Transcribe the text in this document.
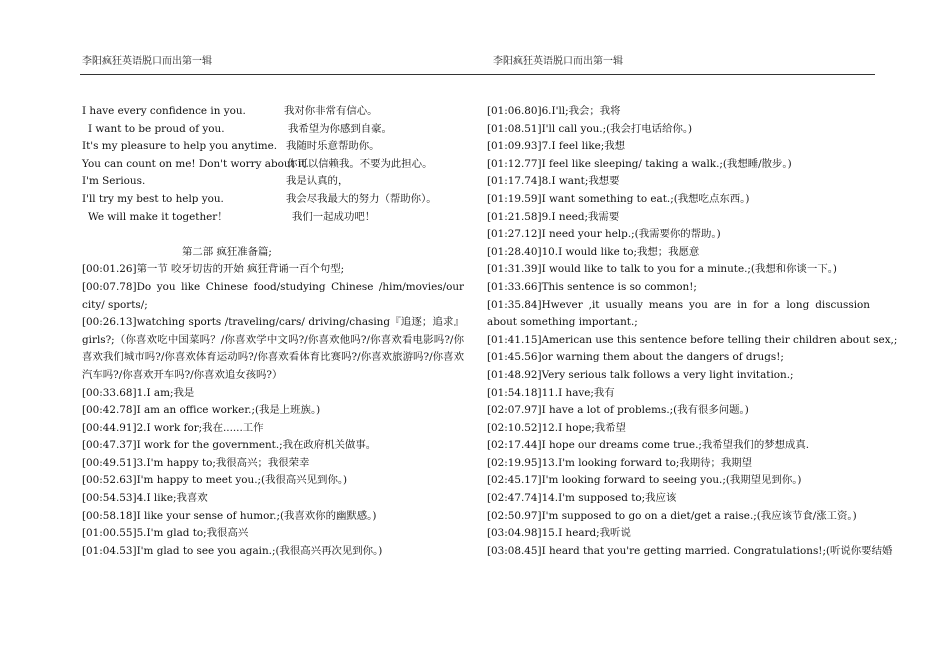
李阳疯狂英语脱口而出第一辑	李阳疯狂英语脱口而出第一辑
I have every confidence in you.	我对你非常有信心。
I want to be proud of you.	我希望为你感到自豪。
It's my pleasure to help you anytime. 我随时乐意帮助你。
You can count on me! Don't worry about it.
你可以信赖我。不要为此担心。
I'm Serious.	我是认真的，
I'll try my best to help you.	我会尽我最大的努力（帮助你）。
We will make it together！	我们一起成功吧！
第二部 疯狂准备篇;
[00:01.26]第一节 咬牙切齿的开始 疯狂背诵一百个句型;
[00:07.78]Do you like Chinese food/studying Chinese /him/movies/our city/ sports/;
[00:26.13]watching sports /traveling/cars/ driving/chasing『追逐；追求』girls?;（你喜欢吃中国菜吗？/你喜欢学中文吗?/你喜欢他吗?/你喜欢看电影吗?/你喜欢我们城市吗?/你喜欢体育运动吗?/你喜欢看体育比赛吗?/你喜欢旅游吗?/你喜欢汽车吗?/你喜欢开车吗?/你喜欢追女孩吗?）
[00:33.68]1.I am;我是
[00:42.78]I am an office worker.;(我是上班族。)
[00:44.91]2.I work for;我在......工作
[00:47.37]I work for the government.;我在政府机关做事。
[00:49.51]3.I'm happy to;我很高兴；我很荣幸
[00:52.63]I'm happy to meet you.;(我很高兴见到你。)
[00:54.53]4.I like;我喜欢
[00:58.18]I like your sense of humor.;(我喜欢你的幽默感。)
[01:00.55]5.I'm glad to;我很高兴
[01:04.53]I'm glad to see you again.;(我很高兴再次见到你。)
[01:06.80]6.I'll;我会；我将
[01:08.51]I'll call you.;(我会打电话给你。)
[01:09.93]7.I feel like;我想
[01:12.77]I feel like sleeping/ taking a walk.;(我想睡/散步。)
[01:17.74]8.I want;我想要
[01:19.59]I want something to eat.;(我想吃点东西。)
[01:21.58]9.I need;我需要
[01:27.12]I need your help.;(我需要你的帮助。)
[01:28.40]10.I would like to;我想；我愿意
[01:31.39]I would like to talk to you for a minute.;(我想和你谈一下。)
[01:33.66]This sentence is so common!;
[01:35.84]Hwever ,it usually means you are in for a long discussion about something important.;
[01:41.15]American use this sentence before telling their children about sex,;
[01:45.56]or warning them about the dangers of drugs!;
[01:48.92]Very serious talk follows a very light invitation.;
[01:54.18]11.I have;我有
[02:07.97]I have a lot of problems.;(我有很多问题。)
[02:10.52]12.I hope;我希望
[02:17.44]I hope our dreams come true.;我希望我们的梦想成真.
[02:19.95]13.I'm looking forward to;我期待；我期望
[02:45.17]I'm looking forward to seeing you.;(我期望见到你。)
[02:47.74]14.I'm supposed to;我应该
[02:50.97]I'm supposed to go on a diet/get a raise.;(我应该节食/涨工资。)
[03:04.98]15.I heard;我听说
[03:08.45]I heard that you're getting married. Congratulations!;(听说你要结婚
